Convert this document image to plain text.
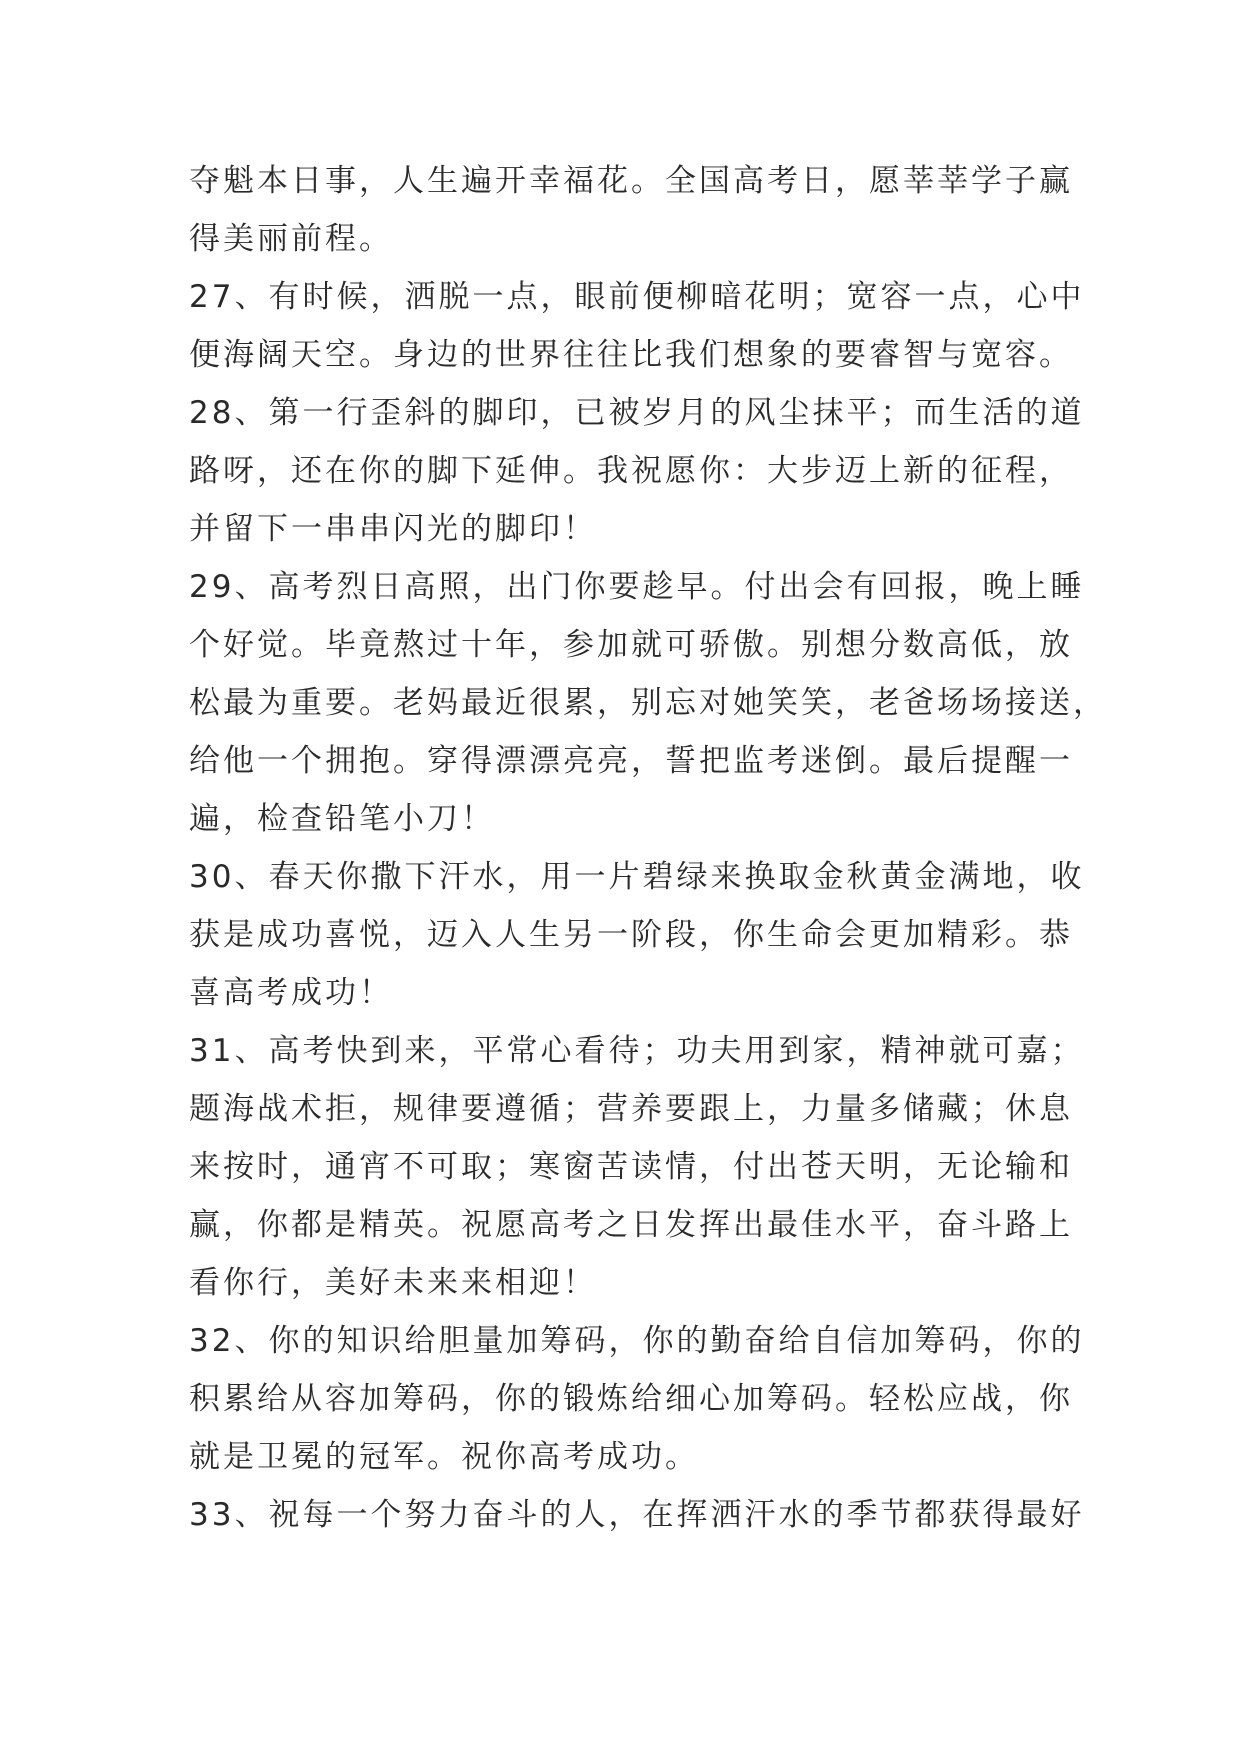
夺魁本日事，人生遍开幸福花。全国高考日，愿莘莘学子赢
得美丽前程。
27、有时候，洒脱一点，眼前便柳暗花明；宽容一点，心中
便海阔天空。身边的世界往往比我们想象的要睿智与宽容。
28、第一行歪斜的脚印，已被岁月的风尘抹平；而生活的道
路呀，还在你的脚下延伸。我祝愿你：大步迈上新的征程，
并留下一串串闪光的脚印！
29、高考烈日高照，出门你要趁早。付出会有回报，晚上睡
个好觉。毕竟熬过十年，参加就可骄傲。别想分数高低，放
松最为重要。老妈最近很累，别忘对她笑笑，老爸场场接送，
给他一个拥抱。穿得漂漂亮亮，誓把监考迷倒。最后提醒一
遍，检查铅笔小刀！
30、春天你撒下汗水，用一片碧绿来换取金秋黄金满地，收
获是成功喜悦，迈入人生另一阶段，你生命会更加精彩。恭
喜高考成功！
31、高考快到来，平常心看待；功夫用到家，精神就可嘉；
题海战术拒，规律要遵循；营养要跟上，力量多储藏；休息
来按时，通宵不可取；寒窗苦读情，付出苍天明，无论输和
赢，你都是精英。祝愿高考之日发挥出最佳水平，奋斗路上
看你行，美好未来来相迎！
32、你的知识给胆量加筹码，你的勤奋给自信加筹码，你的
积累给从容加筹码，你的锻炼给细心加筹码。轻松应战，你
就是卫冕的冠军。祝你高考成功。
33、祝每一个努力奋斗的人，在挥洒汗水的季节都获得最好
